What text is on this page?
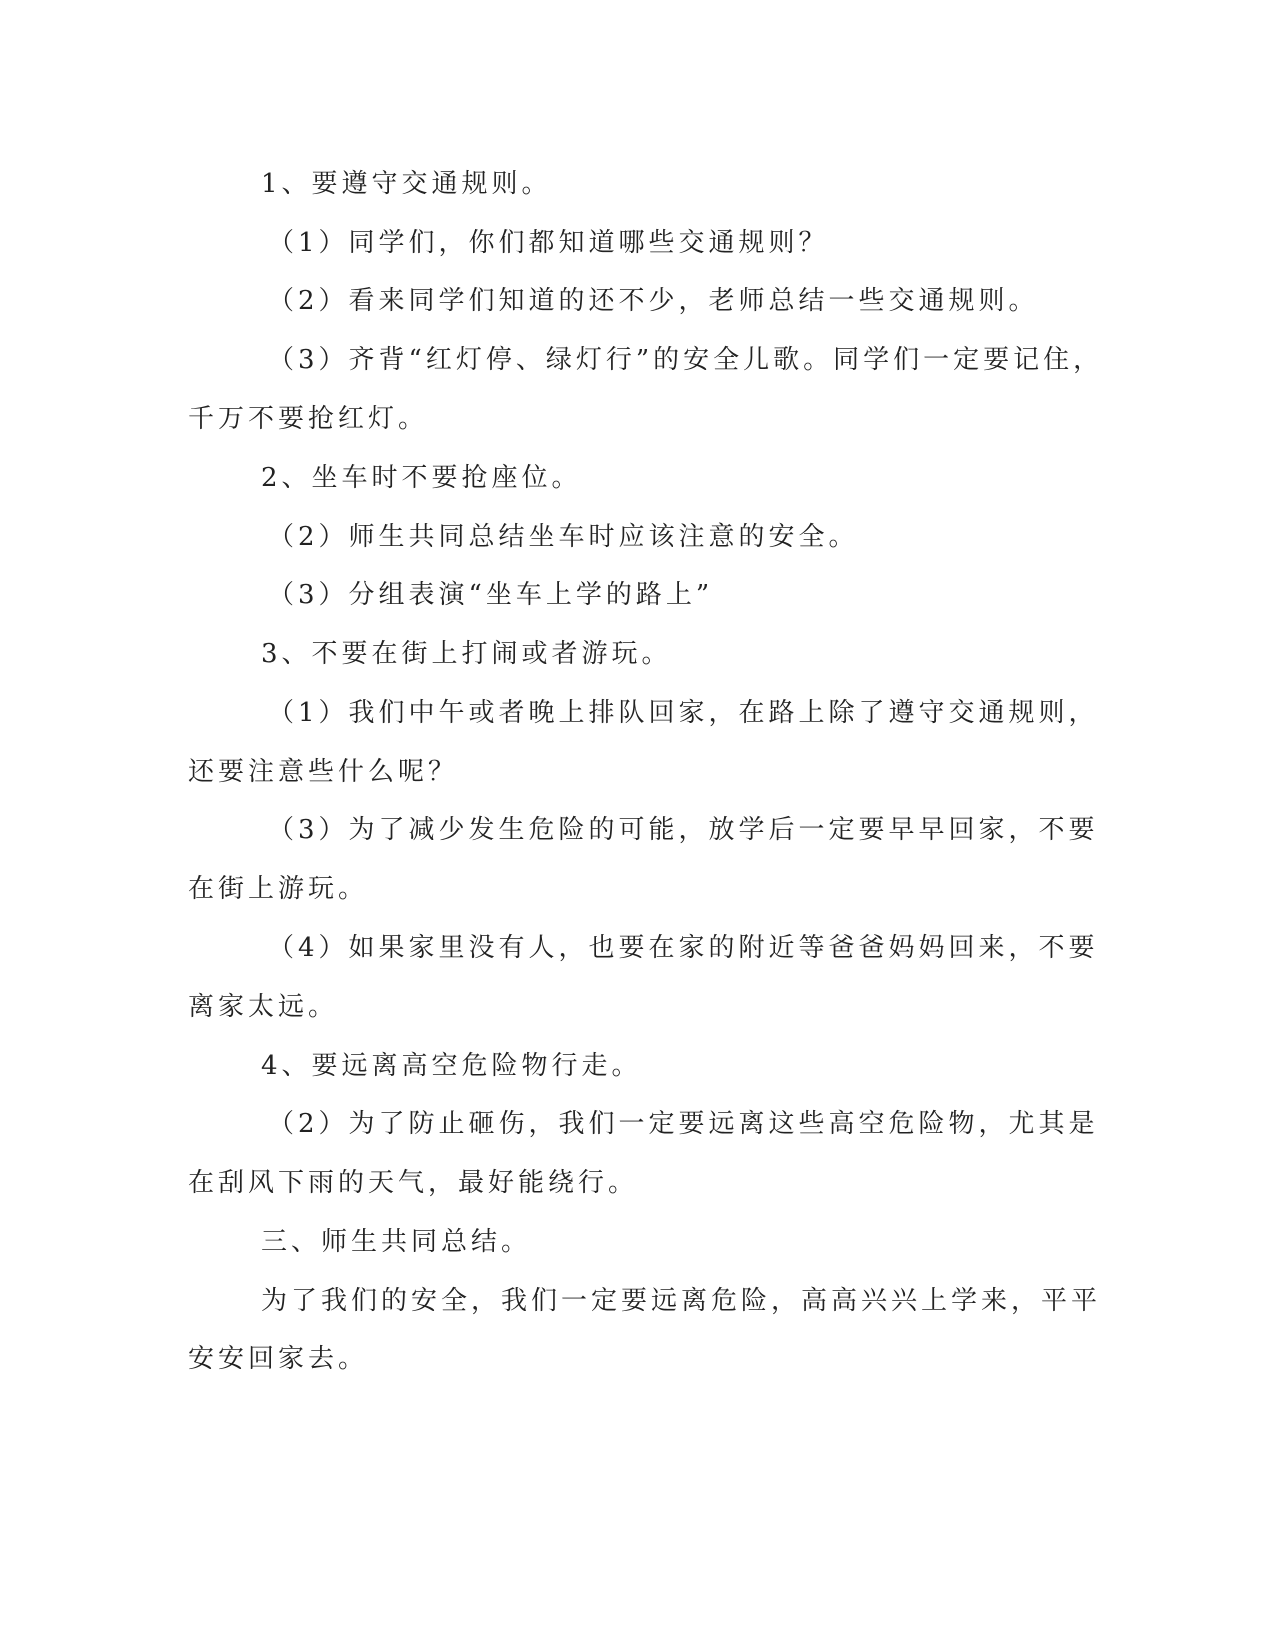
1、要遵守交通规则。
（1）同学们，你们都知道哪些交通规则？
（2）看来同学们知道的还不少，老师总结一些交通规则。
（3）齐背“红灯停、绿灯行”的安全儿歌。同学们一定要记住，
千万不要抢红灯。
2、坐车时不要抢座位。
（2）师生共同总结坐车时应该注意的安全。
（3）分组表演“坐车上学的路上”
3、不要在街上打闹或者游玩。
（1）我们中午或者晚上排队回家，在路上除了遵守交通规则，
还要注意些什么呢？
（3）为了减少发生危险的可能，放学后一定要早早回家，不要
在街上游玩。
（4）如果家里没有人，也要在家的附近等爸爸妈妈回来，不要
离家太远。
4、要远离高空危险物行走。
（2）为了防止砸伤，我们一定要远离这些高空危险物，尤其是
在刮风下雨的天气，最好能绕行。
三、师生共同总结。
为了我们的安全，我们一定要远离危险，高高兴兴上学来，平平
安安回家去。
